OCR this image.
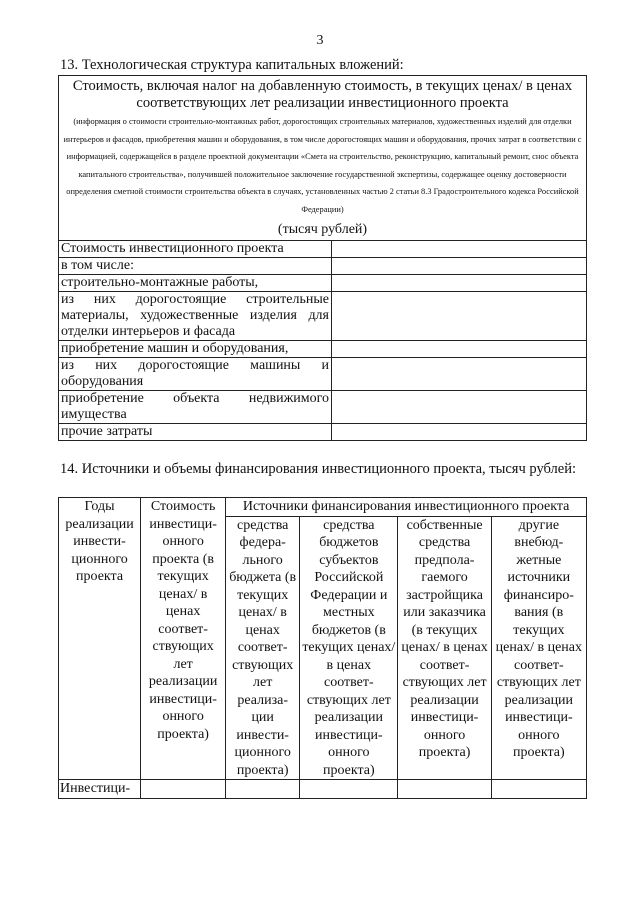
3
13. Технологическая структура капитальных вложений:
Стоимость, включая налог на добавленную стоимость, в текущих ценах/ в ценах соответствующих лет реализации инвестиционного проекта
(информация о стоимости строительно-монтажных работ, дорогостоящих строительных материалов, художественных изделий для отделки интерьеров и фасадов, приобретения машин и оборудования, в том числе дорогостоящих машин и оборудования, прочих затрат в соответствии с информацией, содержащейся в разделе проектной документации «Смета на строительство, реконструкцию, капитальный ремонт, снос объекта капитального строительства», получившей положительное заключение государственной экспертизы, содержащее оценку достоверности определения сметной стоимости строительства объекта в случаях, установленных частью 2 статьи 8.3 Градостроительного кодекса Российской Федерации)
(тысяч рублей)	

Стоимость инвестиционного проекта	
в том числе:	
строительно-монтажные работы,	
из них дорогостоящие строительные материалы, художественные изделия для отделки интерьеров и фасада	
приобретение машин и оборудования,	
из них дорогостоящие машины и оборудования	
приобретение объекта недвижимого имущества	
прочие затраты	
14. Источники и объемы финансирования инвестиционного проекта, тысяч рублей:
Годы реализации инвести-ционного проекта	Стоимость инвестици-онного проекта (в текущих ценах/ в ценах соответ-ствующих лет реализации инвестици-онного проекта)	Источники финансирования инвестиционного проекта			
		средства федера-льного бюджета (в текущих ценах/ в ценах соответ-ствующих лет реализа-ции инвести-ционного проекта)	средства бюджетов субъектов Российской Федерации и местных бюджетов (в текущих ценах/ в ценах соответ-ствующих лет реализации инвестици-онного проекта)	собственные средства предпола-гаемого застройщика или заказчика (в текущих ценах/ в ценах соответ-ствующих лет реализации инвестици-онного проекта)	другие внебюд-жетные источники финансиро-вания (в текущих ценах/ в ценах соответ-ствующих лет реализации инвестици-онного проекта)
Инвестици-					
